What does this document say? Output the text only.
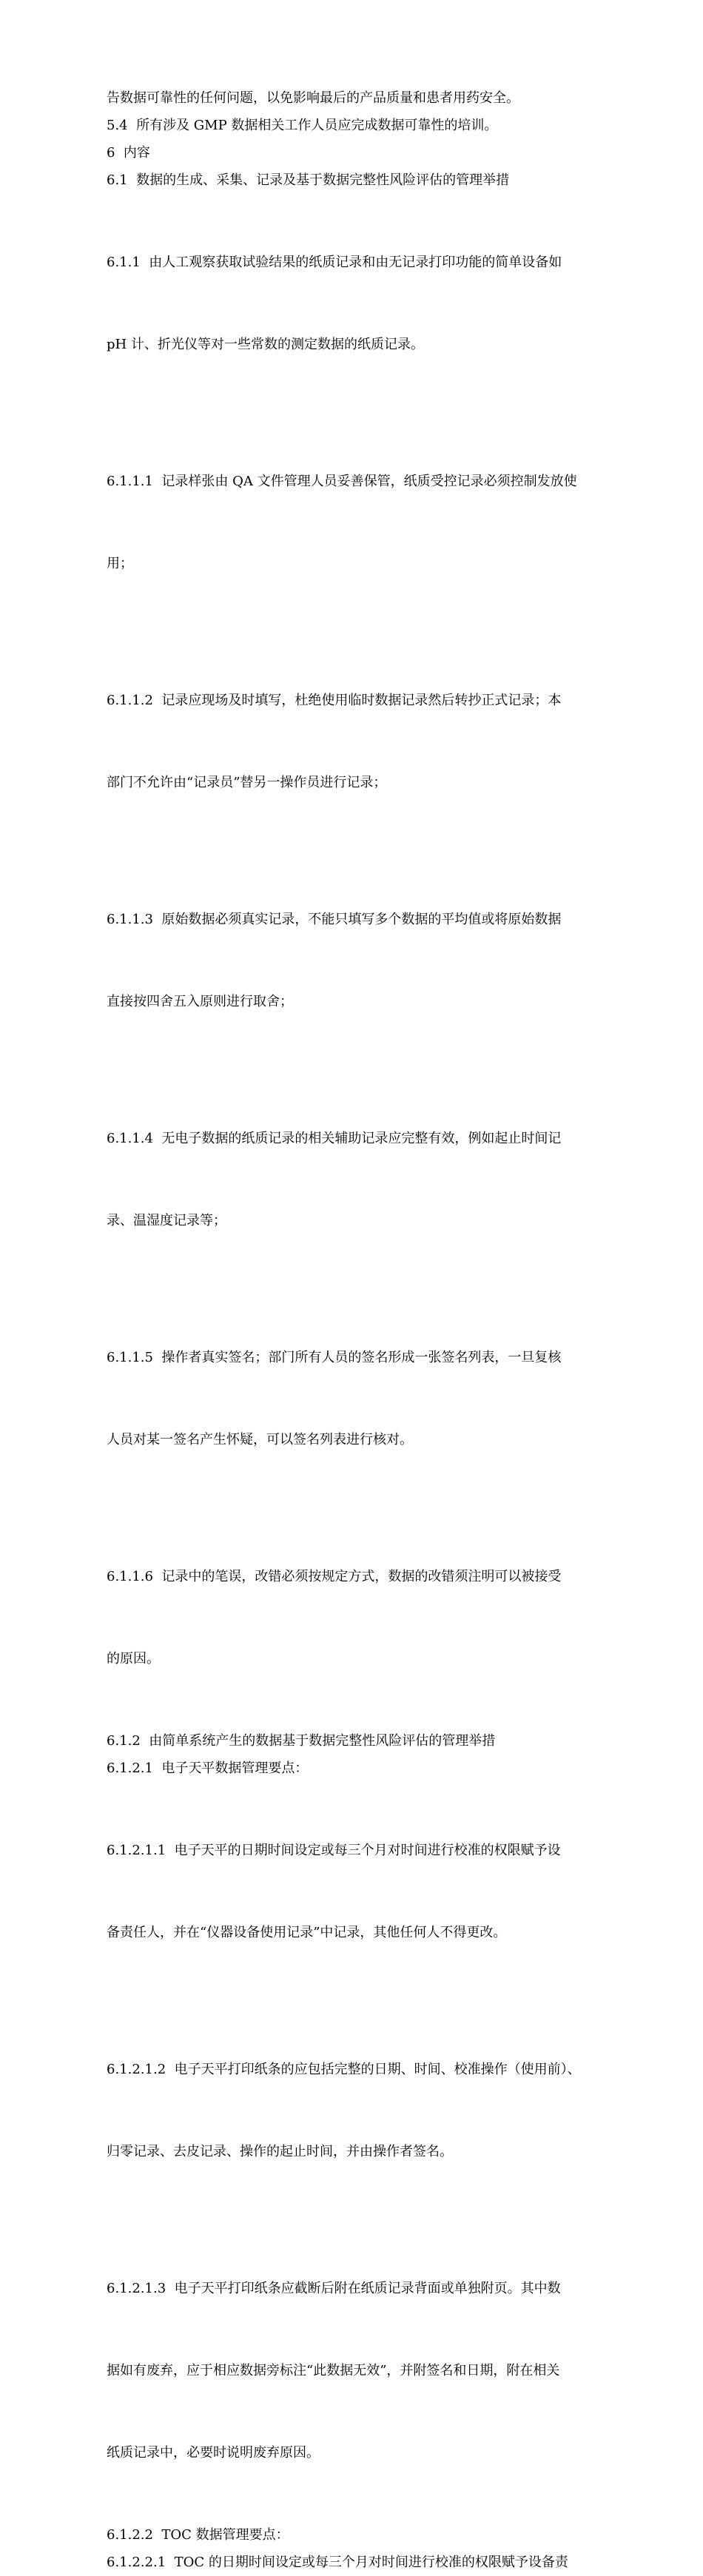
告数据可靠性的任何问题，以免影响最后的产品质量和患者用药安全。

5.4  所有涉及 GMP 数据相关工作人员应完成数据可靠性的培训。

6  内容

6.1  数据的生成、采集、记录及基于数据完整性风险评估的管理举措

6.1.1  由人工观察获取试验结果的纸质记录和由无记录打印功能的简单设备如

pH 计、折光仪等对一些常数的测定数据的纸质记录。

6.1.1.1  记录样张由 QA 文件管理人员妥善保管，纸质受控记录必须控制发放使

用；

6.1.1.2  记录应现场及时填写，杜绝使用临时数据记录然后转抄正式记录；本

部门不允许由“记录员”替另一操作员进行记录；

6.1.1.3  原始数据必须真实记录，不能只填写多个数据的平均值或将原始数据

直接按四舍五入原则进行取舍；

6.1.1.4  无电子数据的纸质记录的相关辅助记录应完整有效，例如起止时间记

录、温湿度记录等；

6.1.1.5  操作者真实签名；部门所有人员的签名形成一张签名列表，一旦复核

人员对某一签名产生怀疑，可以签名列表进行核对。

6.1.1.6  记录中的笔误，改错必须按规定方式，数据的改错须注明可以被接受

的原因。

6.1.2  由简单系统产生的数据基于数据完整性风险评估的管理举措

6.1.2.1  电子天平数据管理要点：

6.1.2.1.1  电子天平的日期时间设定或每三个月对时间进行校准的权限赋予设

备责任人，并在“仪器设备使用记录”中记录，其他任何人不得更改。

6.1.2.1.2  电子天平打印纸条的应包括完整的日期、时间、校准操作（使用前）、

归零记录、去皮记录、操作的起止时间，并由操作者签名。

6.1.2.1.3  电子天平打印纸条应截断后附在纸质记录背面或单独附页。其中数

据如有废弃，应于相应数据旁标注“此数据无效”，并附签名和日期，附在相关

纸质记录中，必要时说明废弃原因。

6.1.2.2  TOC 数据管理要点：

6.1.2.2.1  TOC 的日期时间设定或每三个月对时间进行校准的权限赋予设备责
